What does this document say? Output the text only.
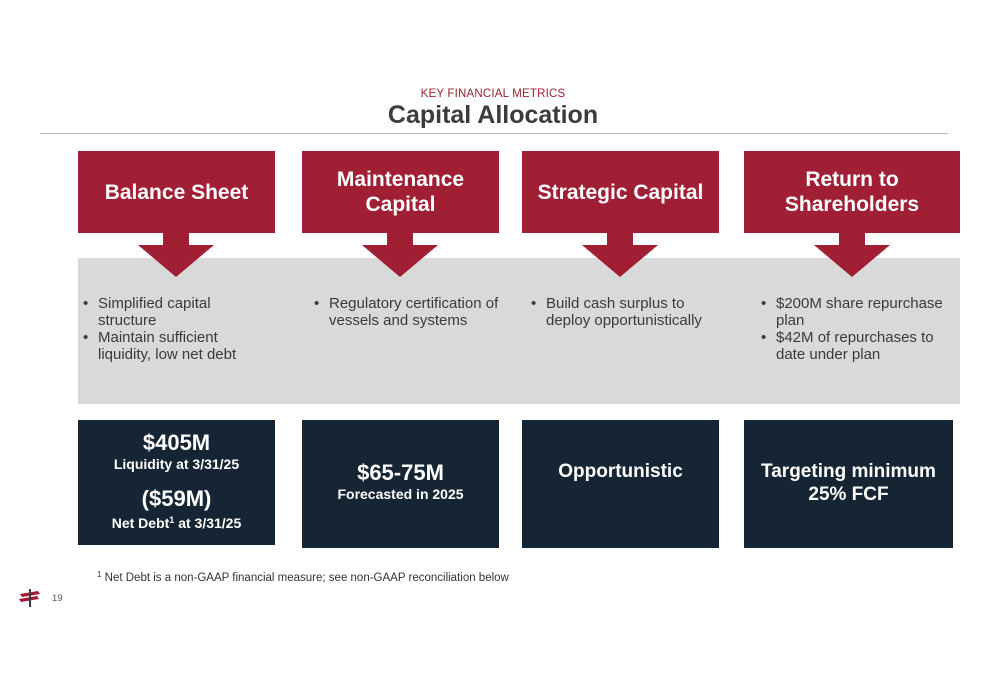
KEY FINANCIAL METRICS
Capital Allocation
Balance Sheet
Maintenance
Capital
Strategic Capital
Return to
Shareholders
• Simplified capital structure
• Maintain sufficient liquidity, low net debt
• Regulatory certification of vessels and systems
• Build cash surplus to deploy opportunistically
• $200M share repurchase plan
• $42M of repurchases to date under plan
$405M
Liquidity at 3/31/25
($59M)
Net Debt$^1$ at 3/31/25
$65-75M
Forecasted in 2025
Opportunistic	Targeting minimum
25% FCF
$^1$ Net Debt is a non-GAAP financial measure; see non-GAAP reconciliation below
19
